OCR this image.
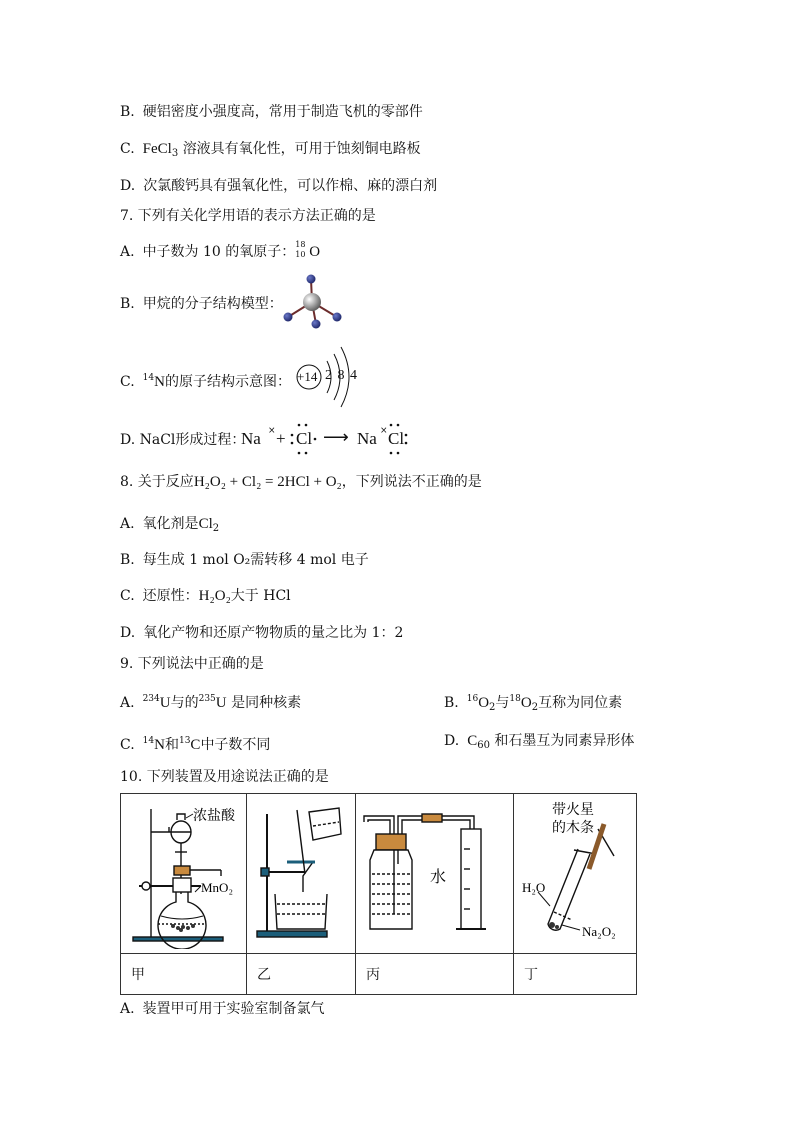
B. 硬铝密度小强度高，常用于制造飞机的零部件
C. FeCl$_3$ 溶液具有氧化性，可用于蚀刻铜电路板
D. 次氯酸钙具有强氧化性，可以作棉、麻的漂白剂
7. 下列有关化学用语的表示方法正确的是
A. 中子数为 10 的氧原子： 18
10 O
B. 甲烷的分子结构模型：
C. $^{14}$N的原子结构示意图： +14 2 8 4
D. NaCl形成过程：
Na × + Cl ⟶ Na × Cl
8. 关于反应H₂O₂ + Cl₂ = 2HCl + O₂，下列说法不正确的是
A. 氧化剂是$Cl_2$
B. 每生成 1 mol O₂需转移 4 mol 电子
C. 还原性：H₂O₂大于 HCl
D. 氧化产物和还原产物物质的量之比为 1：2
9. 下列说法中正确的是
A. $^{234}$U与的$^{235}$U 是同种核素	B. $^{16}O_2$与$^{18}O_2$互称为同位素
C. $^{14}$N和$^{13}$C中子数不同	D. $C_{60}$ 和石墨互为同素异形体
10. 下列装置及用途说法正确的是
浓盐酸
MnO₂		水	带火星
的木条
H₂O
Na₂O₂

甲	乙	丙	丁
A. 装置甲可用于实验室制备氯气
